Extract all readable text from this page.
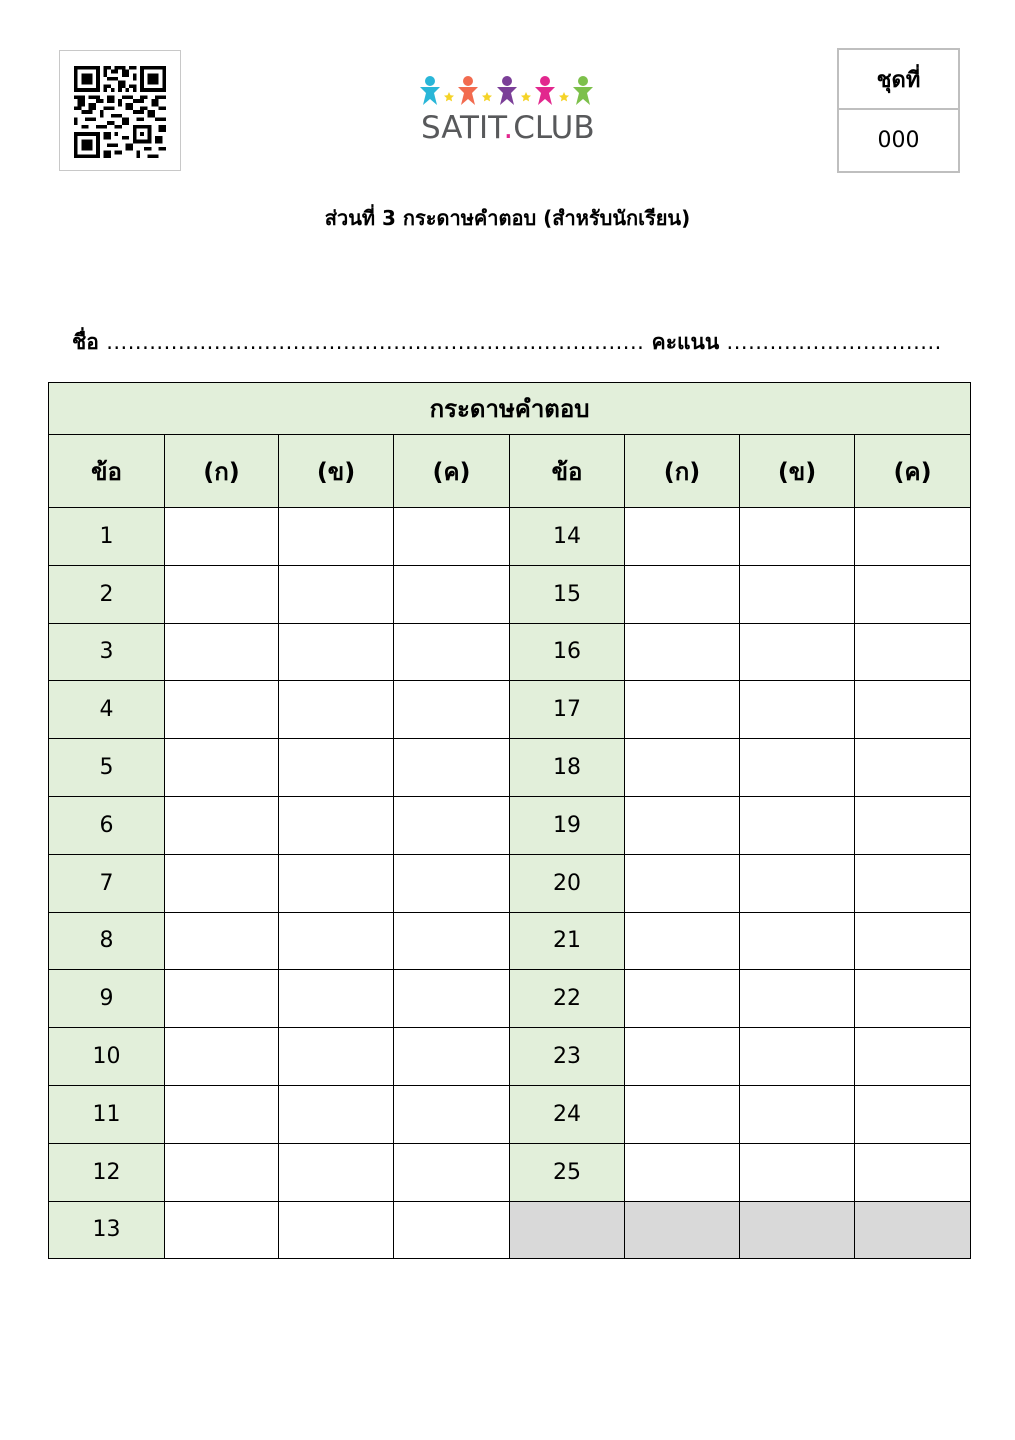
SATIT.CLUB
ชุดที่
000
ส่วนที่ 3 กระดาษคำตอบ (สำหรับนักเรียน)
ชื่อ ........................................................................... คะแนน ..............................
กระดาษคำตอบ							
ข้อ	(ก)	(ข)	(ค)	ข้อ	(ก)	(ข)	(ค)
1				14			
2				15			
3				16			
4				17			
5				18			
6				19			
7				20			
8				21			
9				22			
10				23			
11				24			
12				25			
13							
